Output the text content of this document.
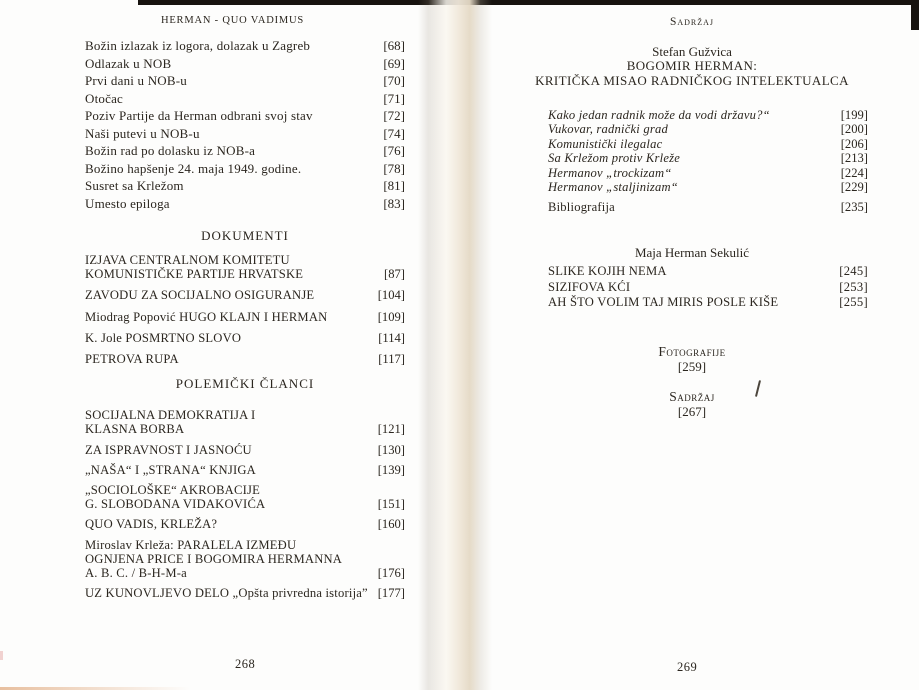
HERMAN - QUO VADIMUS
Božin izlazak iz logora, dolazak u Zagreb	[68]
Odlazak u NOB	[69]
Prvi dani u NOB-u	[70]
Otočac	[71]
Poziv Partije da Herman odbrani svoj stav	[72]
Naši putevi u NOB-u	[74]
Božin rad po dolasku iz NOB-a	[76]
Božino hapšenje 24. maja 1949. godine.	[78]
Susret sa Krležom	[81]
Umesto epiloga	[83]
DOKUMENTI
IZJAVA CENTRALNOM KOMITETU
KOMUNISTIČKE PARTIJE HRVATSKE	[87]
ZAVODU ZA SOCIJALNO OSIGURANJE	[104]
Miodrag Popović HUGO KLAJN I HERMAN	[109]
K. Jole POSMRTNO SLOVO	[114]
PETROVA RUPA	[117]
POLEMIČKI ČLANCI
SOCIJALNA DEMOKRATIJA I
KLASNA BORBA	[121]
ZA ISPRAVNOST I JASNOĆU	[130]
„NAŠA“ I „STRANA“ KNJIGA	[139]
„SOCIOLOŠKE“ AKROBACIJE
G. SLOBODANA VIDAKOVIĆA	[151]
QUO VADIS, KRLEŽA?	[160]
Miroslav Krleža: PARALELA IZMEĐU
OGNJENA PRICE I BOGOMIRA HERMANNA
A. B. C. / B-H-M-a	[176]
UZ KUNOVLJEVO DELO „Opšta privredna istorija” [177]
268
Sadržaj
Stefan Gužvica
BOGOMIR HERMAN:
KRITIČKA MISAO RADNIČKOG INTELEKTUALCA
Kako jedan radnik može da vodi državu?“	[199]
Vukovar, radnički grad	[200]
Komunistički ilegalac	[206]
Sa Krležom protiv Krleže	[213]
Hermanov „trockizam“	[224]
Hermanov „staljinizam“	[229]
Bibliografija	[235]
Maja Herman Sekulić
SLIKE KOJIH NEMA	[245]
SIZIFOVA KĆI	[253]
AH ŠTO VOLIM TAJ MIRIS POSLE KIŠE	[255]
Fotografije
[259]
Sadržaj
[267]
269
